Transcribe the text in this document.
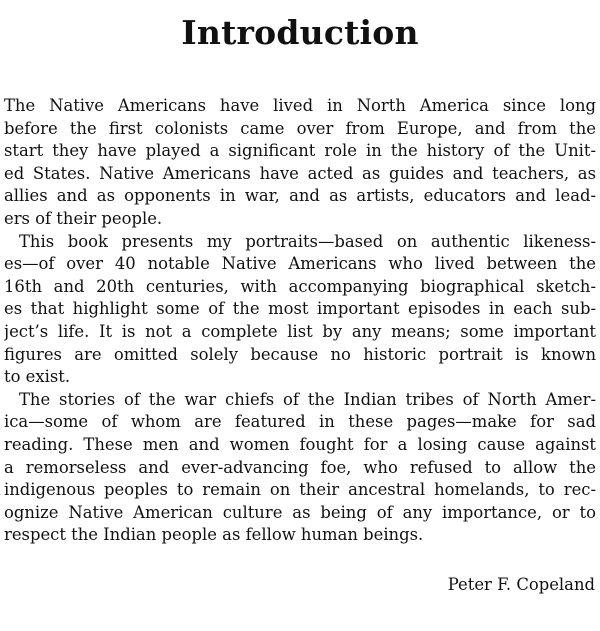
Introduction
The Native Americans have lived in North America since long
before the first colonists came over from Europe, and from the
start they have played a significant role in the history of the Unit-
ed States. Native Americans have acted as guides and teachers, as
allies and as opponents in war, and as artists, educators and lead-
ers of their people.
This book presents my portraits—based on authentic likeness-
es—of over 40 notable Native Americans who lived between the
16th and 20th centuries, with accompanying biographical sketch-
es that highlight some of the most important episodes in each sub-
ject’s life. It is not a complete list by any means; some important
figures are omitted solely because no historic portrait is known
to exist.
The stories of the war chiefs of the Indian tribes of North Amer-
ica—some of whom are featured in these pages—make for sad
reading. These men and women fought for a losing cause against
a remorseless and ever-advancing foe, who refused to allow the
indigenous peoples to remain on their ancestral homelands, to rec-
ognize Native American culture as being of any importance, or to
respect the Indian people as fellow human beings.
Peter F. Copeland
